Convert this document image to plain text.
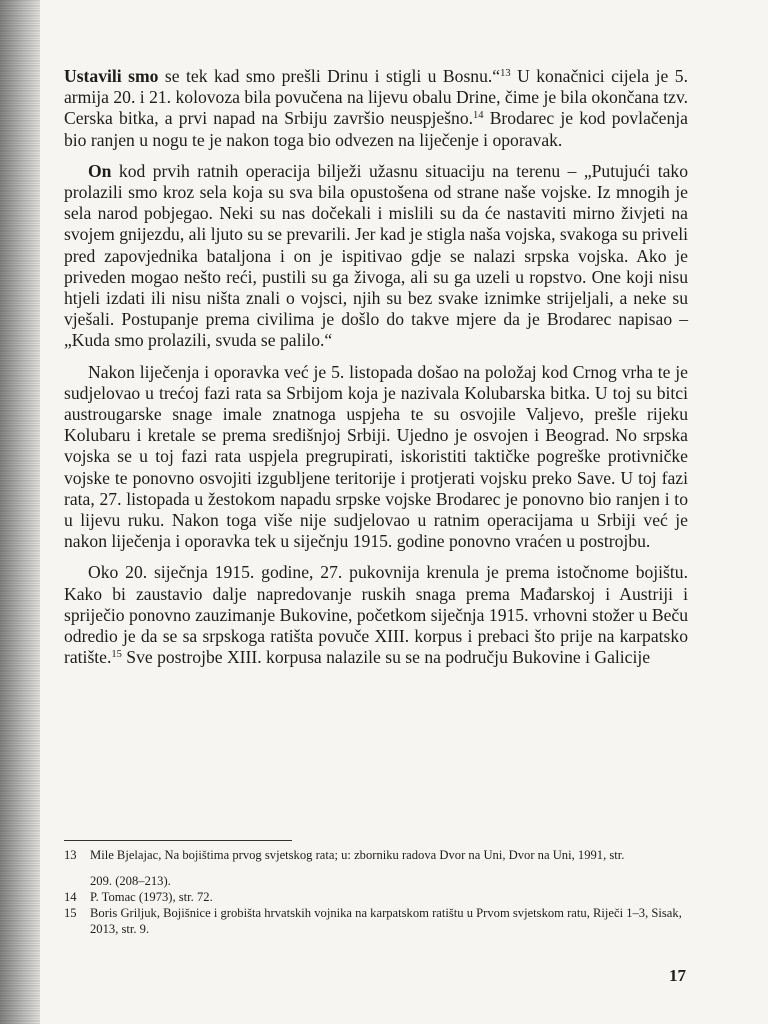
Ustavili smo se tek kad smo prešli Drinu i stigli u Bosnu.“$^{13}$ U konačnici cijela je 5. armija 20. i 21. kolovoza bila povučena na lijevu obalu Drine, čime je bila okončana tzv. Cerska bitka, a prvi napad na Srbiju završio neuspješno.$^{14}$ Brodarec je kod povlačenja bio ranjen u nogu te je nakon toga bio odvezen na liječenje i oporavak.

On kod prvih ratnih operacija bilježi užasnu situaciju na terenu – „Putujući tako prolazili smo kroz sela koja su sva bila opustošena od strane naše vojske. Iz mnogih je sela narod pobjegao. Neki su nas dočekali i mislili su da će nastaviti mirno živjeti na svojem gnijezdu, ali ljuto su se prevarili. Jer kad je stigla naša vojska, svakoga su priveli pred zapovjednika bataljona i on je ispitivao gdje se nalazi srpska vojska. Ako je priveden mogao nešto reći, pustili su ga živoga, ali su ga uzeli u ropstvo. One koji nisu htjeli izdati ili nisu ništa znali o vojsci, njih su bez svake iznimke strijeljali, a neke su vješali. Postupanje prema civilima je došlo do takve mjere da je Brodarec napisao – „Kuda smo prolazili, svuda se palilo.“

Nakon liječenja i oporavka već je 5. listopada došao na položaj kod Crnog vrha te je sudjelovao u trećoj fazi rata sa Srbijom koja je nazivala Kolubarska bitka. U toj su bitci austrougarske snage imale znatnoga uspjeha te su osvojile Valjevo, prešle rijeku Kolubaru i kretale se prema središnjoj Srbiji. Ujedno je osvojen i Beograd. No srpska vojska se u toj fazi rata uspjela pregrupirati, iskoristiti taktičke pogreške protivničke vojske te ponovno osvojiti izgubljene teritorije i protjerati vojsku preko Save. U toj fazi rata, 27. listopada u žestokom napadu srpske vojske Brodarec je ponovno bio ranjen i to u lijevu ruku. Nakon toga više nije sudjelovao u ratnim operacijama u Srbiji već je nakon liječenja i oporavka tek u siječnju 1915. godine ponovno vraćen u postrojbu.

Oko 20. siječnja 1915. godine, 27. pukovnija krenula je prema istočnome bojištu. Kako bi zaustavio dalje napredovanje ruskih snaga prema Mađarskoj i Austriji i spriječio ponovno zauzimanje Bukovine, početkom siječnja 1915. vrhovni stožer u Beču odredio je da se sa srpskoga ratišta povuče XIII. korpus i prebaci što prije na karpatsko ratište.$^{15}$ Sve postrojbe XIII. korpusa nalazile su se na području Bukovine i Galicije

13	Mile Bjelajac, Na bojištima prvog svjetskog rata; u: zborniku radova Dvor na Uni, Dvor na Uni, 1991, str.
209. (208–213).
14	P. Tomac (1973), str. 72.
15	Boris Griljuk, Bojišnice i grobišta hrvatskih vojnika na karpatskom ratištu u Prvom svjetskom ratu, Riječi 1–3, Sisak, 2013, str. 9.
17
